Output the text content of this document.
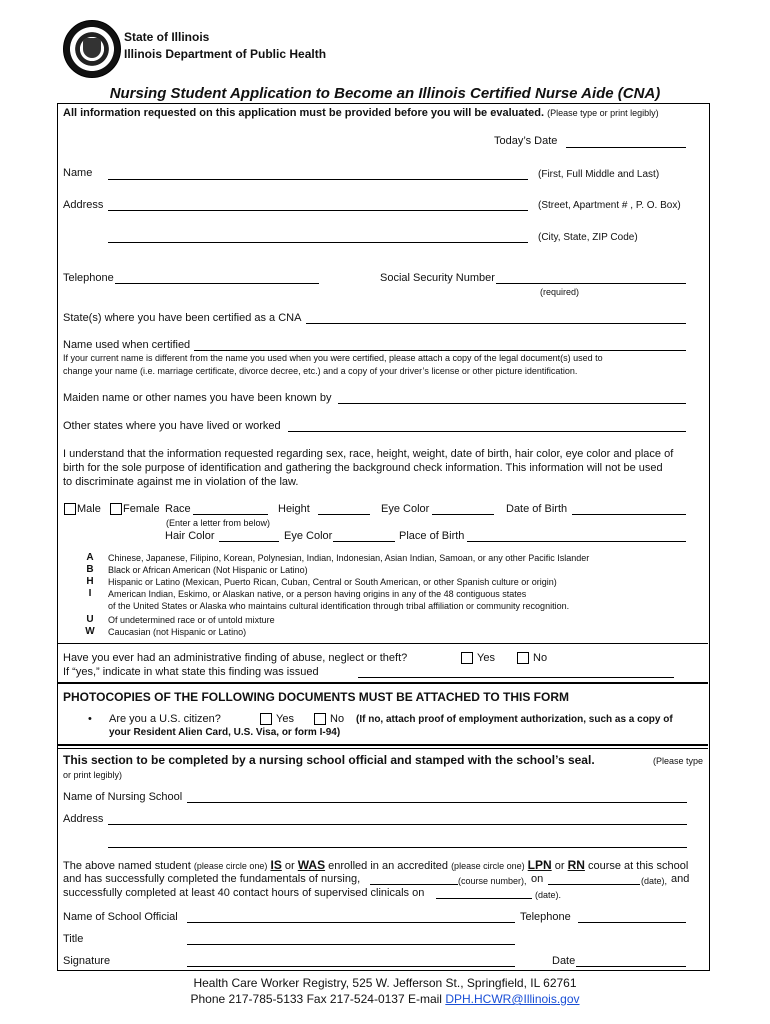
State of Illinois
Illinois Department of Public Health
Nursing Student Application to Become an Illinois Certified Nurse Aide (CNA)
All information requested on this application must be provided before you will be evaluated. (Please type or print legibly)
Today’s Date
Name	(First, Full Middle and Last)
Address	(Street, Apartment # , P. O. Box)
(City, State, ZIP Code)
Telephone	Social Security Number
(required)
State(s) where you have been certified as a CNA
Name used when certified
If your current name is different from the name you used when you were certified, please attach a copy of the legal document(s) used to
change your name (i.e. marriage certificate, divorce decree, etc.) and a copy of your driver’s license or other picture identification.
Maiden name or other names you have been known by
Other states where you have lived or worked
I understand that the information requested regarding sex, race, height, weight, date of birth, hair color, eye color and place of
birth for the sole purpose of identification and gathering the background check information. This information will not be used
to discriminate against me in violation of the law.
Male Female Race	Height	Eye Color	Date of Birth
(Enter a letter from below)
Hair Color	Eye Color	Place of Birth
A Chinese, Japanese, Filipino, Korean, Polynesian, Indian, Indonesian, Asian Indian, Samoan, or any other Pacific Islander
B Black or African American (Not Hispanic or Latino)
H Hispanic or Latino (Mexican, Puerto Rican, Cuban, Central or South American, or other Spanish culture or origin)
I	American Indian, Eskimo, or Alaskan native, or a person having origins in any of the 48 contiguous states
of the United States or Alaska who maintains cultural identification through tribal affiliation or community recognition.
U Of undetermined race or of untold mixture
W Caucasian (not Hispanic or Latino)
Have you ever had an administrative finding of abuse, neglect or theft?	Yes	No
If “yes,” indicate in what state this finding was issued
PHOTOCOPIES OF THE FOLLOWING DOCUMENTS MUST BE ATTACHED TO THIS FORM
• Are you a U.S. citizen?	Yes	No (If no, attach proof of employment authorization, such as a copy of
your Resident Alien Card, U.S. Visa, or form I-94)
This section to be completed by a nursing school official and stamped with the school’s seal.	(Please type
or print legibly)
Name of Nursing School
Address
The above named student (please circle one) IS or WAS enrolled in an accredited (please circle one) LPN or RN course at this school
and has successfully completed the fundamentals of nursing,	(course number), on	(date), and
successfully completed at least 40 contact hours of supervised clinicals on	(date).
Name of School Official	Telephone
Title
Signature	Date
Health Care Worker Registry, 525 W. Jefferson St., Springfield, IL 62761
Phone 217-785-5133 Fax 217-524-0137 E-mail DPH.HCWR@Illinois.gov
